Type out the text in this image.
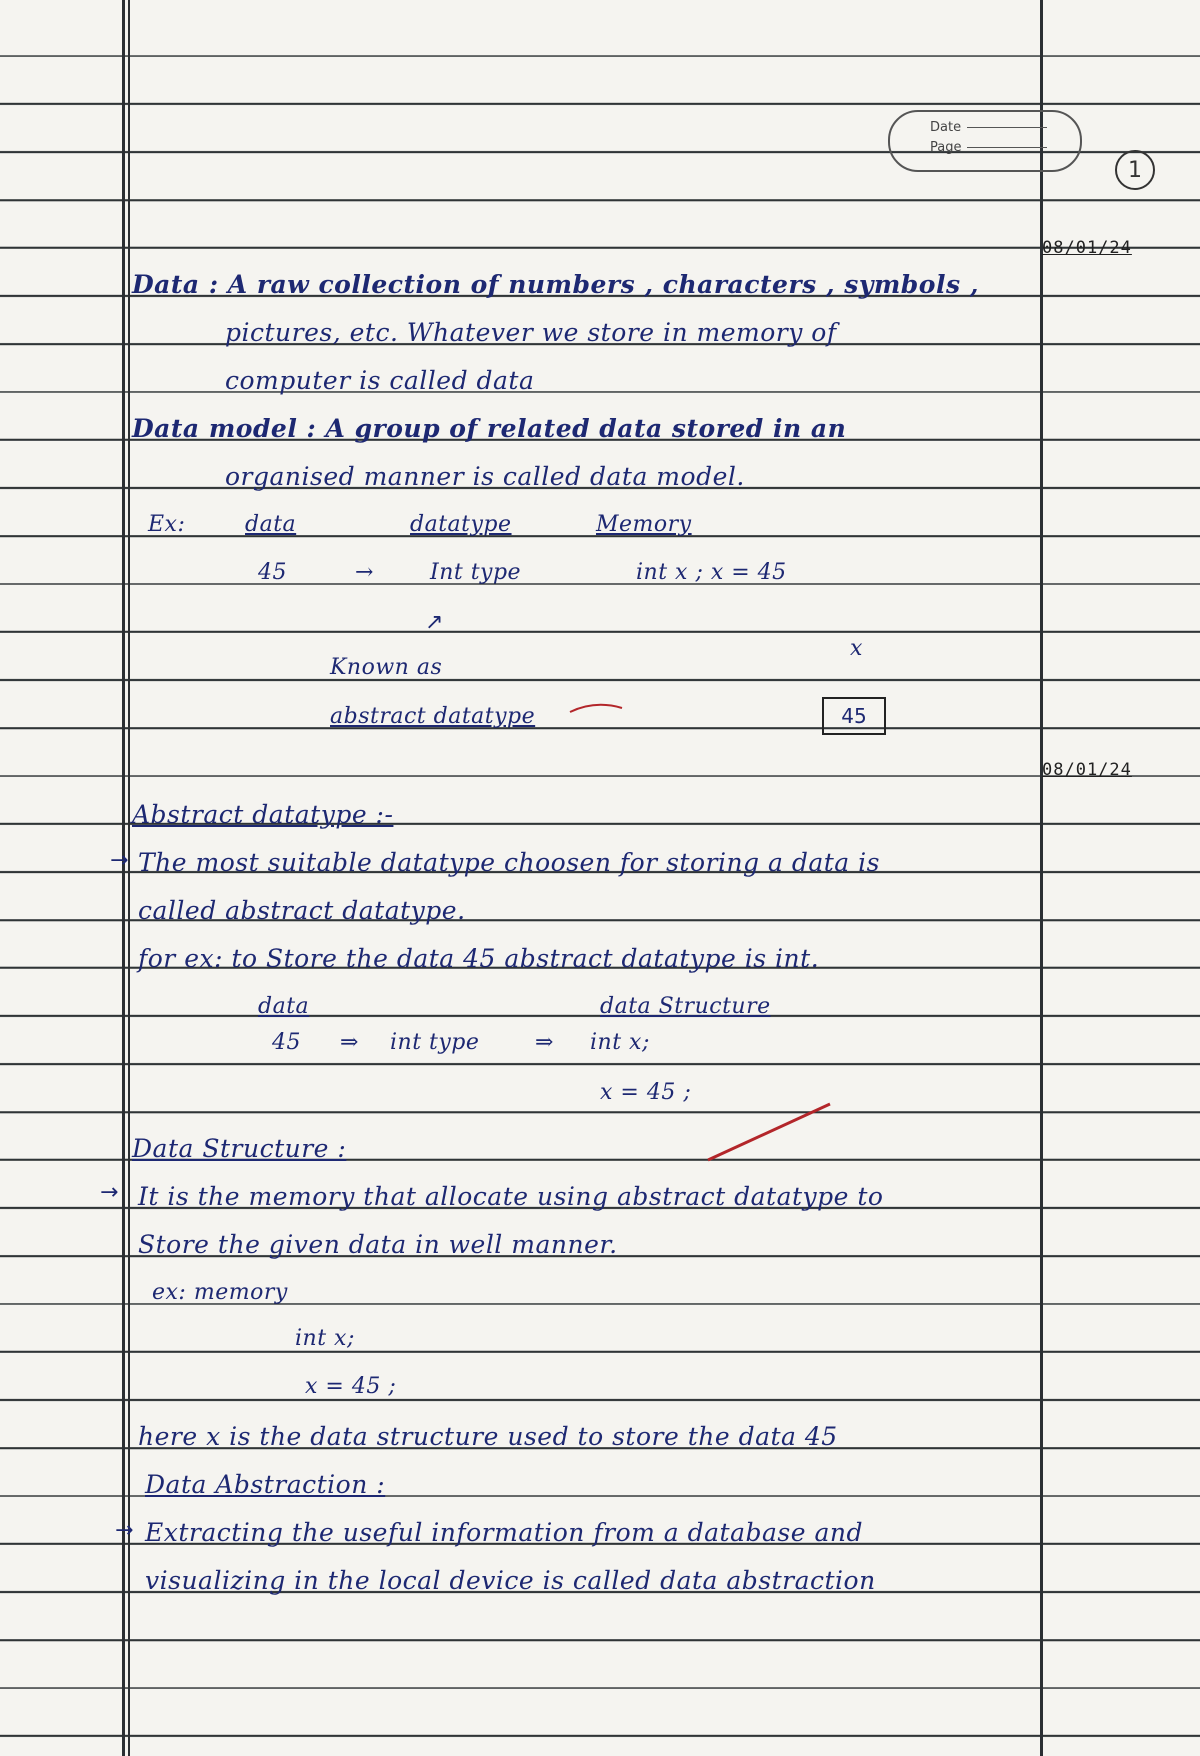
Date
Page
1
08/01/24
08/01/24
Data : A raw collection of numbers , characters , symbols ,
pictures, etc. Whatever we store in memory of
computer is called data
Data model : A group of related data stored in an
organised manner is called data model.
Ex:	data	datatype	Memory
45	→	Int type	int x ; x = 45
↗
Known as
abstract datatype
x
45
Abstract datatype :-
→ The most suitable datatype choosen for storing a data is
called abstract datatype.
for ex: to Store the data 45 abstract datatype is int.
data	data Structure
45 ⇒ int type	⇒ int x;
x = 45 ;
Data Structure :
→ It is the memory that allocate using abstract datatype to
Store the given data in well manner.
ex: memory
int x;
x = 45 ;
here x is the data structure used to store the data 45
Data Abstraction :
→ Extracting the useful information from a database and
visualizing in the local device is called data abstraction
